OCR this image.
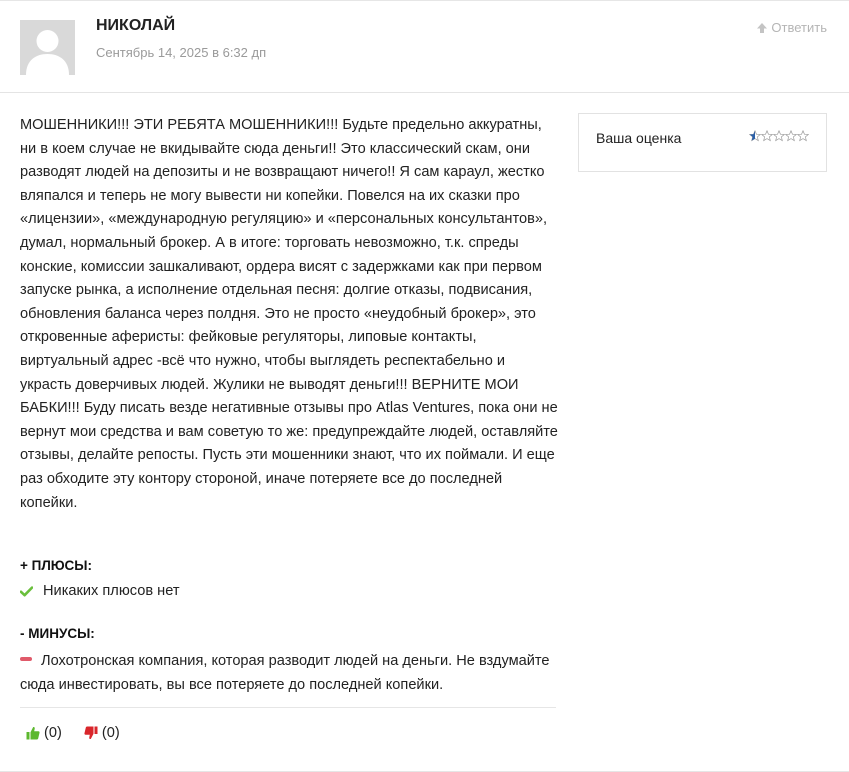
НИКОЛАЙ
Сентябрь 14, 2025 в 6:32 дп
Ответить
МОШЕННИКИ!!! ЭТИ РЕБЯТА МОШЕННИКИ!!! Будьте предельно аккуратны, ни в коем случае не вкидывайте сюда деньги!! Это классический скам, они разводят людей на депозиты и не возвращают ничего!! Я сам караул, жестко вляпался и теперь не могу вывести ни копейки. Повелся на их сказки про «лицензии», «международную регуляцию» и «персональных консультантов», думал, нормальный брокер. А в итоге: торговать невозможно, т.к. спреды конские, комиссии зашкаливают, ордера висят с задержками как при первом запуске рынка, а исполнение отдельная песня: долгие отказы, подвисания, обновления баланса через полдня. Это не просто «неудобный брокер», это откровенные аферисты: фейковые регуляторы, липовые контакты, виртуальный адрес -всё что нужно, чтобы выглядеть респектабельно и украсть доверчивых людей. Жулики не выводят деньги!!! ВЕРНИТЕ МОИ БАБКИ!!! Буду писать везде негативные отзывы про Atlas Ventures, пока они не вернут мои средства и вам советую то же: предупреждайте людей, оставляйте отзывы, делайте репосты. Пусть эти мошенники знают, что их поймали. И еще раз обходите эту контору стороной, иначе потеряете все до последней копейки.
Ваша оценка
+ ПЛЮСЫ:
Никаких плюсов нет
- МИНУСЫ:
Лохотронская компания, которая разводит людей на деньги. Не вздумайте сюда инвестировать, вы все потеряете до последней копейки.
(0)	(0)
